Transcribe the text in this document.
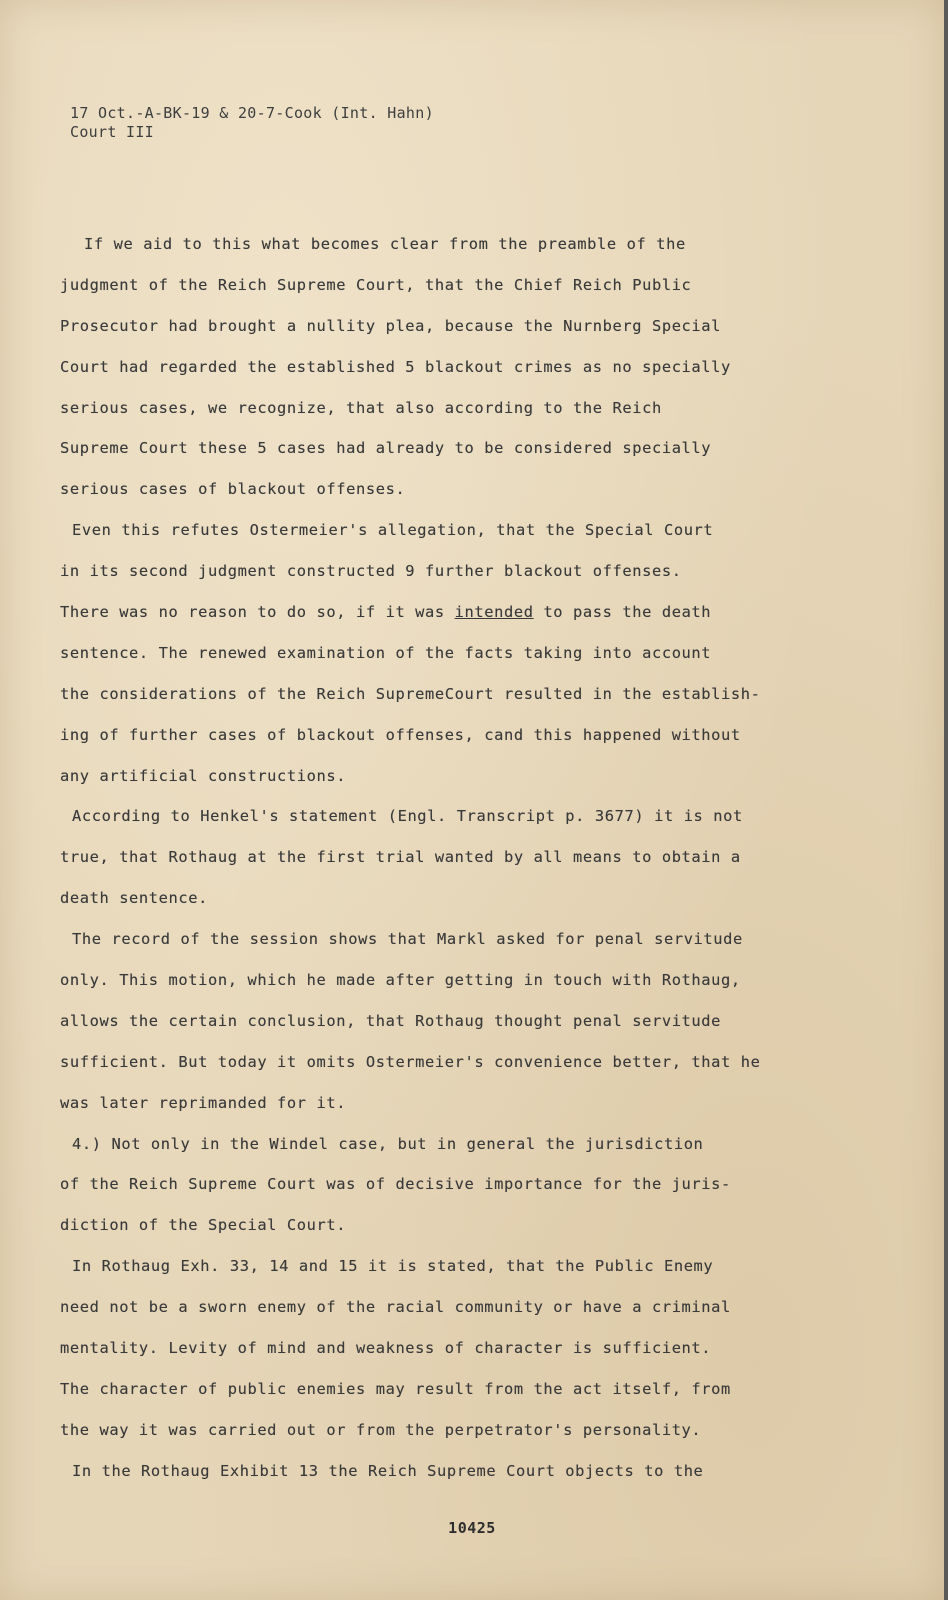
17 Oct.-A-BK-19 & 20-7-Cook (Int. Hahn)
Court III
If we aid to this what becomes clear from the preamble of the
judgment of the Reich Supreme Court, that the Chief Reich Public
Prosecutor had brought a nullity plea, because the Nurnberg Special
Court had regarded the established 5 blackout crimes as no specially
serious cases, we recognize, that also according to the Reich
Supreme Court these 5 cases had already to be considered specially
serious cases of blackout offenses.
Even this refutes Ostermeier's allegation, that the Special Court
in its second judgment constructed 9 further blackout offenses.
There was no reason to do so, if it was intended to pass the death
sentence. The renewed examination of the facts taking into account
the considerations of the Reich SupremeCourt resulted in the establish-
ing of further cases of blackout offenses, cand this happened without
any artificial constructions.
According to Henkel's statement (Engl. Transcript p. 3677) it is not
true, that Rothaug at the first trial wanted by all means to obtain a
death sentence.
The record of the session shows that Markl asked for penal servitude
only. This motion, which he made after getting in touch with Rothaug,
allows the certain conclusion, that Rothaug thought penal servitude
sufficient. But today it omits Ostermeier's convenience better, that he
was later reprimanded for it.
4.) Not only in the Windel case, but in general the jurisdiction
of the Reich Supreme Court was of decisive importance for the juris-
diction of the Special Court.
In Rothaug Exh. 33, 14 and 15 it is stated, that the Public Enemy
need not be a sworn enemy of the racial community or have a criminal
mentality. Levity of mind and weakness of character is sufficient.
The character of public enemies may result from the act itself, from
the way it was carried out or from the perpetrator's personality.
In the Rothaug Exhibit 13 the Reich Supreme Court objects to the
10425
